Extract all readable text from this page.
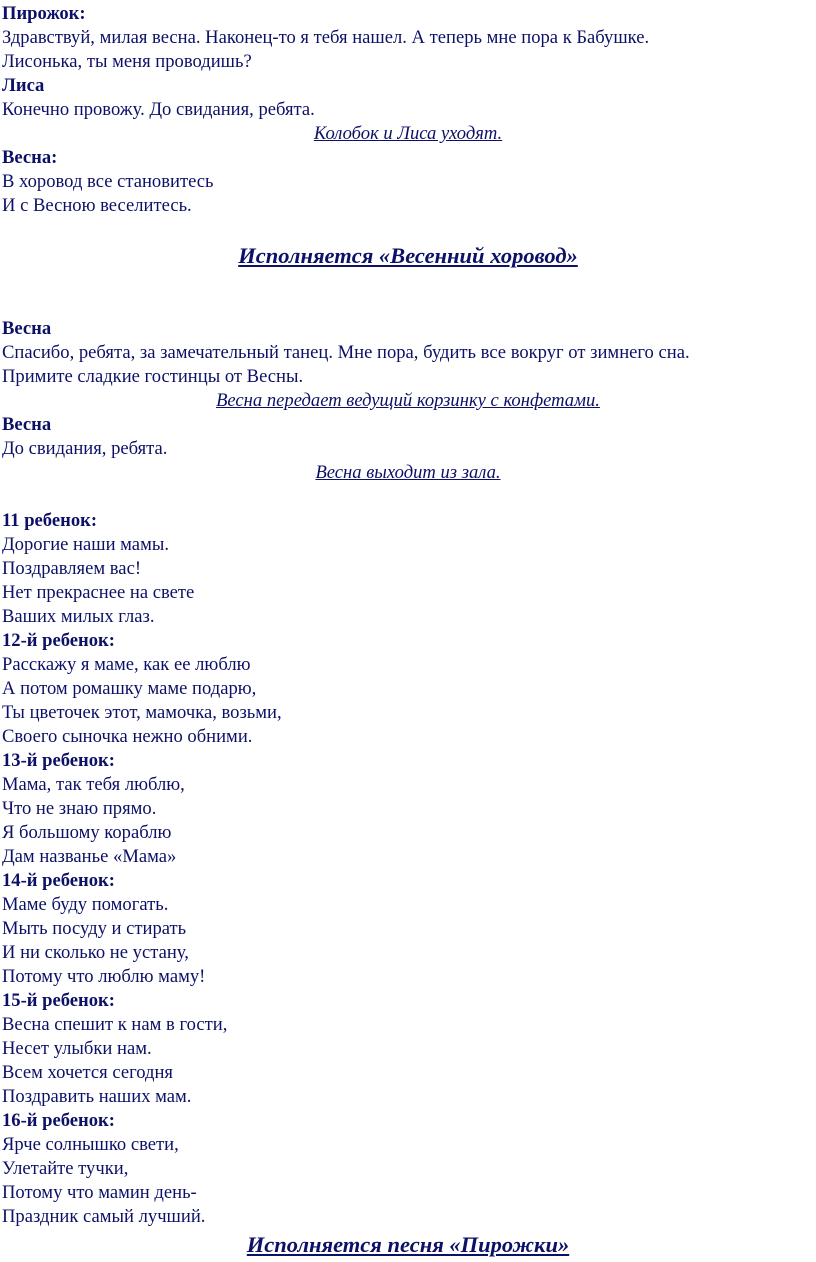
Пирожок:
Здравствуй, милая весна. Наконец-то я тебя нашел. А теперь мне пора к Бабушке.
Лисонька, ты меня проводишь?
Лиса
Конечно провожу. До свидания, ребята.
Колобок и Лиса уходят.
Весна:
В хоровод все становитесь
И с Весною веселитесь.
Исполняется «Весенний хоровод»
Весна
Спасибо, ребята, за замечательный танец. Мне пора, будить все вокруг от зимнего сна.
Примите сладкие гостинцы от Весны.
Весна передает ведущий корзинку с конфетами.
Весна
До свидания, ребята.
Весна выходит из зала.
11 ребенок:
Дорогие наши мамы.
Поздравляем вас!
Нет прекраснее на свете
Ваших милых глаз.
12-й ребенок:
Расскажу я маме, как ее люблю
А потом ромашку маме подарю,
Ты цветочек этот, мамочка, возьми,
Своего сыночка нежно обними.
13-й ребенок:
Мама, так тебя люблю,
Что не знаю прямо.
Я большому кораблю
Дам названье «Мама»
14-й ребенок:
Маме буду помогать.
Мыть посуду и стирать
И ни сколько не устану,
Потому что люблю маму!
15-й ребенок:
Весна спешит к нам в гости,
Несет улыбки нам.
Всем хочется сегодня
Поздравить наших мам.
16-й ребенок:
Ярче солнышко свети,
Улетайте тучки,
Потому что мамин день-
Праздник самый лучший.
Исполняется песня «Пирожки»
